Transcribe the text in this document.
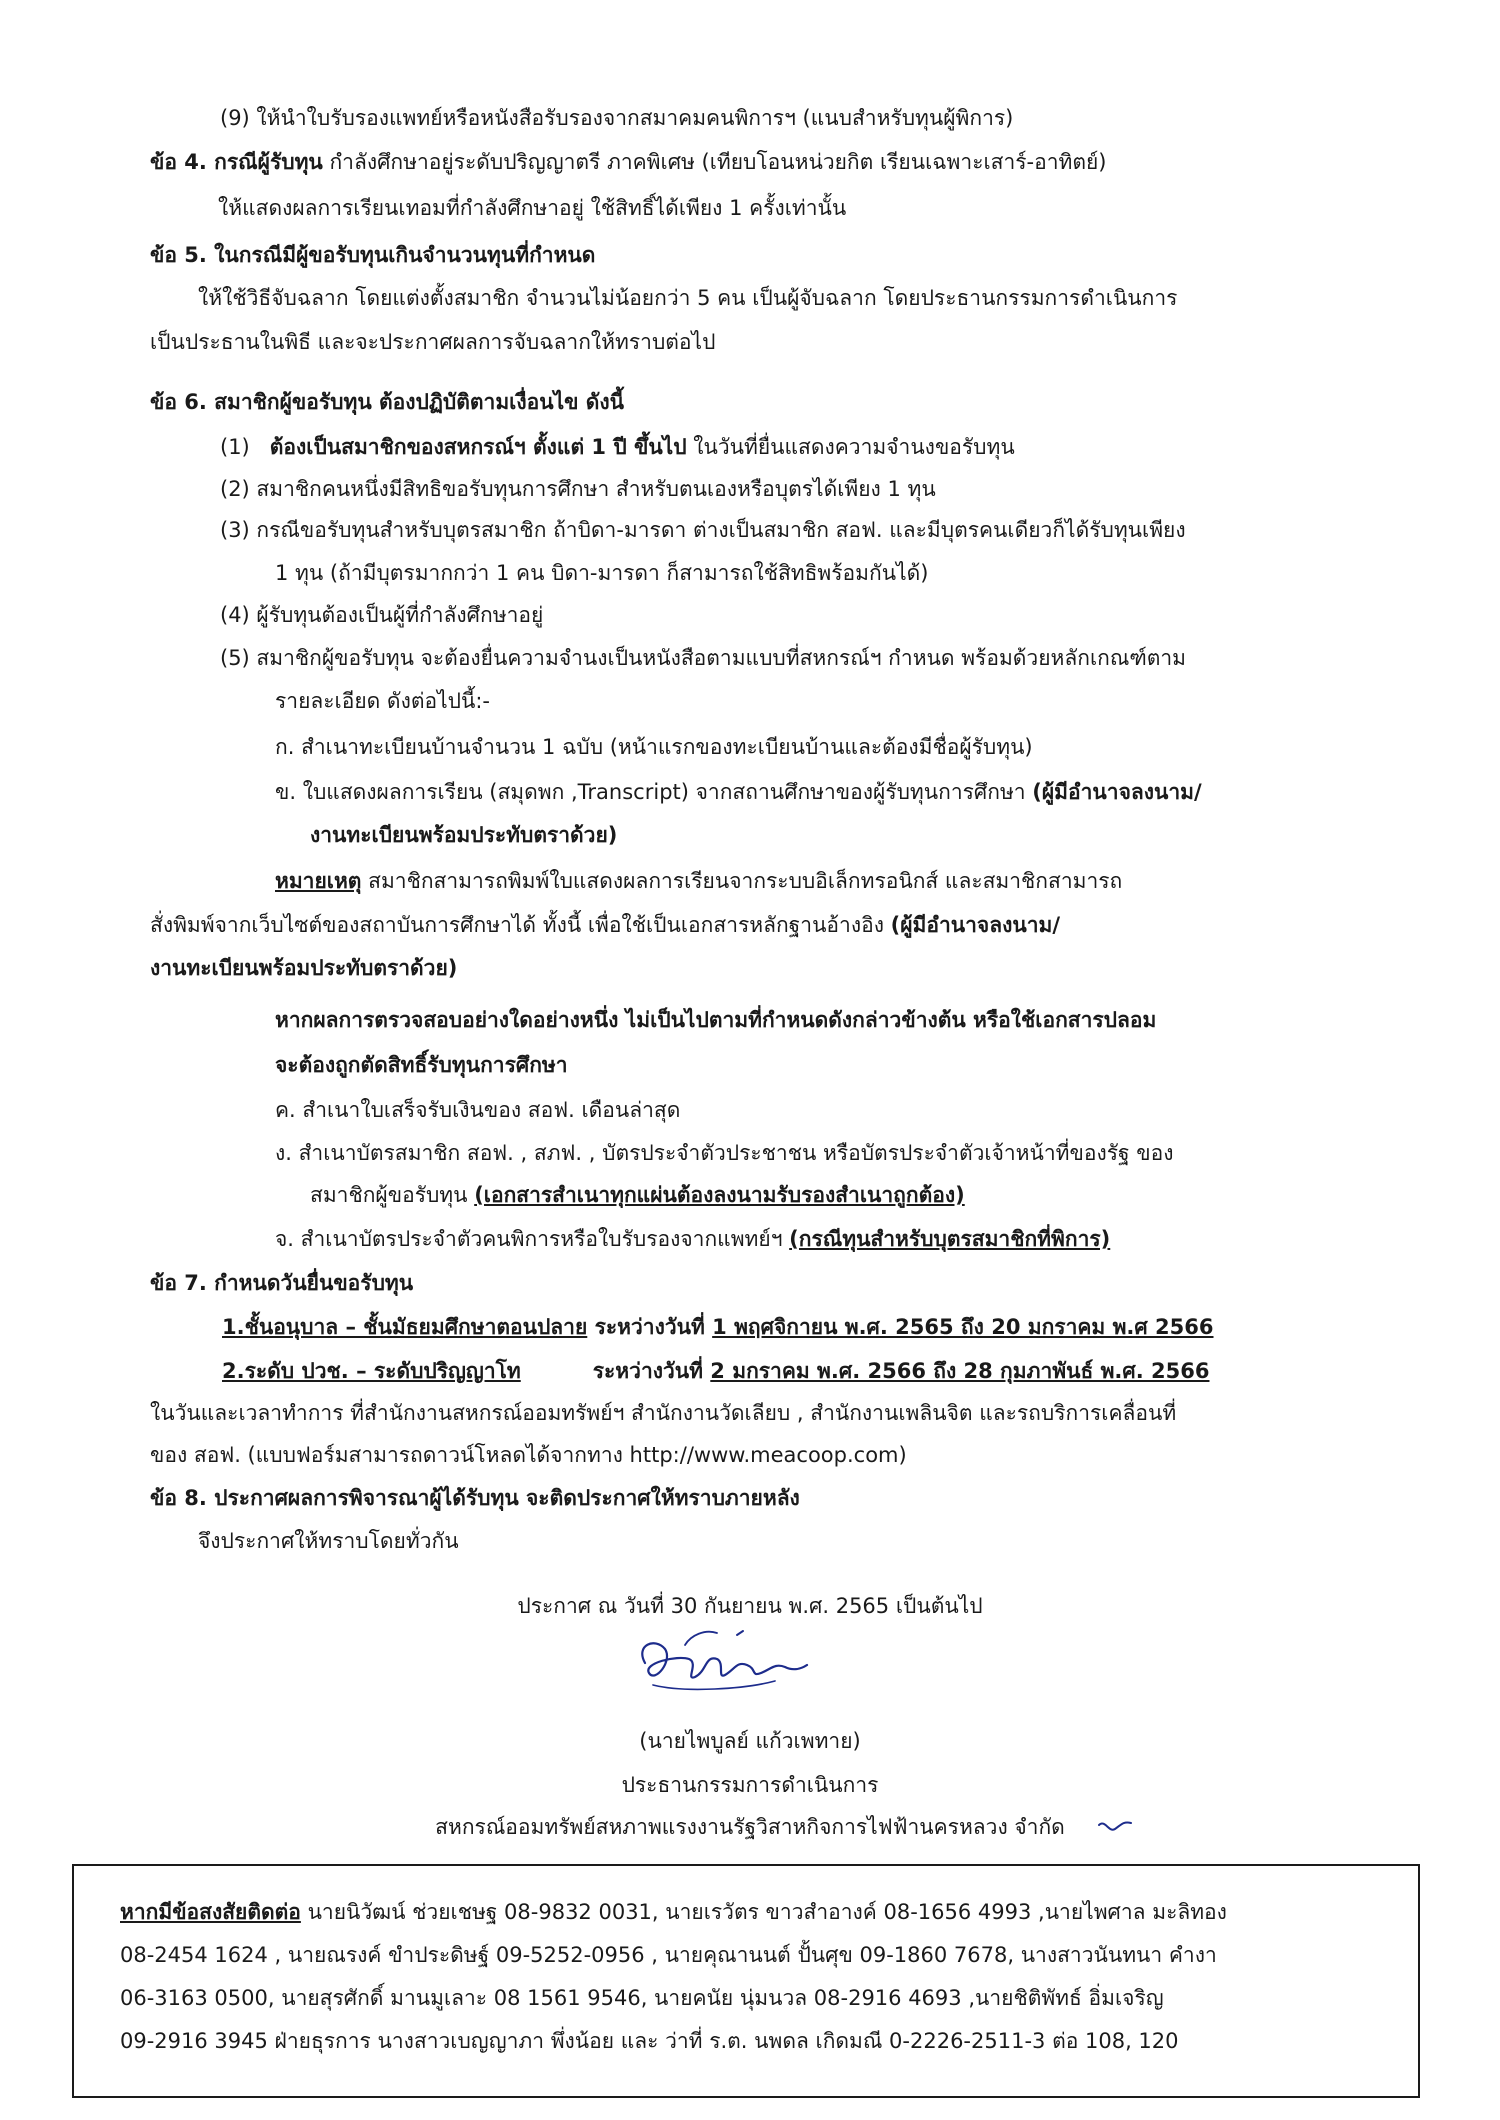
(9) ให้นำใบรับรองแพทย์หรือหนังสือรับรองจากสมาคมคนพิการฯ (แนบสำหรับทุนผู้พิการ)
ข้อ 4. กรณีผู้รับทุน กำลังศึกษาอยู่ระดับปริญญาตรี ภาคพิเศษ (เทียบโอนหน่วยกิต เรียนเฉพาะเสาร์-อาทิตย์)
ให้แสดงผลการเรียนเทอมที่กำลังศึกษาอยู่ ใช้สิทธิ์ได้เพียง 1 ครั้งเท่านั้น
ข้อ 5. ในกรณีมีผู้ขอรับทุนเกินจำนวนทุนที่กำหนด
ให้ใช้วิธีจับฉลาก โดยแต่งตั้งสมาชิก จำนวนไม่น้อยกว่า 5 คน เป็นผู้จับฉลาก โดยประธานกรรมการดำเนินการ
เป็นประธานในพิธี และจะประกาศผลการจับฉลากให้ทราบต่อไป
ข้อ 6. สมาชิกผู้ขอรับทุน ต้องปฏิบัติตามเงื่อนไข ดังนี้
(1) ต้องเป็นสมาชิกของสหกรณ์ฯ ตั้งแต่ 1 ปี ขึ้นไป ในวันที่ยื่นแสดงความจำนงขอรับทุน
(2) สมาชิกคนหนึ่งมีสิทธิขอรับทุนการศึกษา สำหรับตนเองหรือบุตรได้เพียง 1 ทุน
(3) กรณีขอรับทุนสำหรับบุตรสมาชิก ถ้าบิดา-มารดา ต่างเป็นสมาชิก สอฟ. และมีบุตรคนเดียวก็ได้รับทุนเพียง
1 ทุน (ถ้ามีบุตรมากกว่า 1 คน บิดา-มารดา ก็สามารถใช้สิทธิพร้อมกันได้)
(4) ผู้รับทุนต้องเป็นผู้ที่กำลังศึกษาอยู่
(5) สมาชิกผู้ขอรับทุน จะต้องยื่นความจำนงเป็นหนังสือตามแบบที่สหกรณ์ฯ กำหนด พร้อมด้วยหลักเกณฑ์ตาม
รายละเอียด ดังต่อไปนี้:-
ก. สำเนาทะเบียนบ้านจำนวน 1 ฉบับ (หน้าแรกของทะเบียนบ้านและต้องมีชื่อผู้รับทุน)
ข. ใบแสดงผลการเรียน (สมุดพก ,Transcript) จากสถานศึกษาของผู้รับทุนการศึกษา (ผู้มีอำนาจลงนาม/
งานทะเบียนพร้อมประทับตราด้วย)
หมายเหตุ สมาชิกสามารถพิมพ์ใบแสดงผลการเรียนจากระบบอิเล็กทรอนิกส์ และสมาชิกสามารถ
สั่งพิมพ์จากเว็บไซต์ของสถาบันการศึกษาได้ ทั้งนี้ เพื่อใช้เป็นเอกสารหลักฐานอ้างอิง (ผู้มีอำนาจลงนาม/
งานทะเบียนพร้อมประทับตราด้วย)
หากผลการตรวจสอบอย่างใดอย่างหนึ่ง ไม่เป็นไปตามที่กำหนดดังกล่าวข้างต้น หรือใช้เอกสารปลอม
จะต้องถูกตัดสิทธิ์รับทุนการศึกษา
ค. สำเนาใบเสร็จรับเงินของ สอฟ. เดือนล่าสุด
ง. สำเนาบัตรสมาชิก สอฟ. , สภฟ. , บัตรประจำตัวประชาชน หรือบัตรประจำตัวเจ้าหน้าที่ของรัฐ ของ
สมาชิกผู้ขอรับทุน (เอกสารสำเนาทุกแผ่นต้องลงนามรับรองสำเนาถูกต้อง)
จ. สำเนาบัตรประจำตัวคนพิการหรือใบรับรองจากแพทย์ฯ (กรณีทุนสำหรับบุตรสมาชิกที่พิการ)
ข้อ 7. กำหนดวันยื่นขอรับทุน
1.ชั้นอนุบาล – ชั้นมัธยมศึกษาตอนปลาย ระหว่างวันที่ 1 พฤศจิกายน พ.ศ. 2565 ถึง 20 มกราคม พ.ศ 2566
2.ระดับ ปวช. – ระดับปริญญาโท	ระหว่างวันที่ 2 มกราคม พ.ศ. 2566 ถึง 28 กุมภาพันธ์ พ.ศ. 2566
ในวันและเวลาทำการ ที่สำนักงานสหกรณ์ออมทรัพย์ฯ สำนักงานวัดเลียบ , สำนักงานเพลินจิต และรถบริการเคลื่อนที่
ของ สอฟ. (แบบฟอร์มสามารถดาวน์โหลดได้จากทาง http://www.meacoop.com)
ข้อ 8. ประกาศผลการพิจารณาผู้ได้รับทุน จะติดประกาศให้ทราบภายหลัง
จึงประกาศให้ทราบโดยทั่วกัน
ประกาศ ณ วันที่ 30 กันยายน พ.ศ. 2565 เป็นต้นไป
(นายไพบูลย์ แก้วเพทาย)
ประธานกรรมการดำเนินการ
สหกรณ์ออมทรัพย์สหภาพแรงงานรัฐวิสาหกิจการไฟฟ้านครหลวง จำกัด
หากมีข้อสงสัยติดต่อ นายนิวัฒน์ ช่วยเชษฐ 08-9832 0031, นายเรวัตร ขาวสำอางค์ 08-1656 4993 ,นายไพศาล มะลิทอง
08-2454 1624 , นายณรงค์ ขำประดิษฐ์ 09-5252-0956 , นายคุณานนต์ ปั้นศุข 09-1860 7678, นางสาวนันทนา คำงา
06-3163 0500, นายสุรศักดิ์ มานมูเลาะ 08 1561 9546, นายคนัย นุ่มนวล 08-2916 4693 ,นายชิติพัทธ์ อิ่มเจริญ
09-2916 3945 ฝ่ายธุรการ นางสาวเบญญาภา พึ่งน้อย และ ว่าที่ ร.ต. นพดล เกิดมณี 0-2226-2511-3 ต่อ 108, 120
